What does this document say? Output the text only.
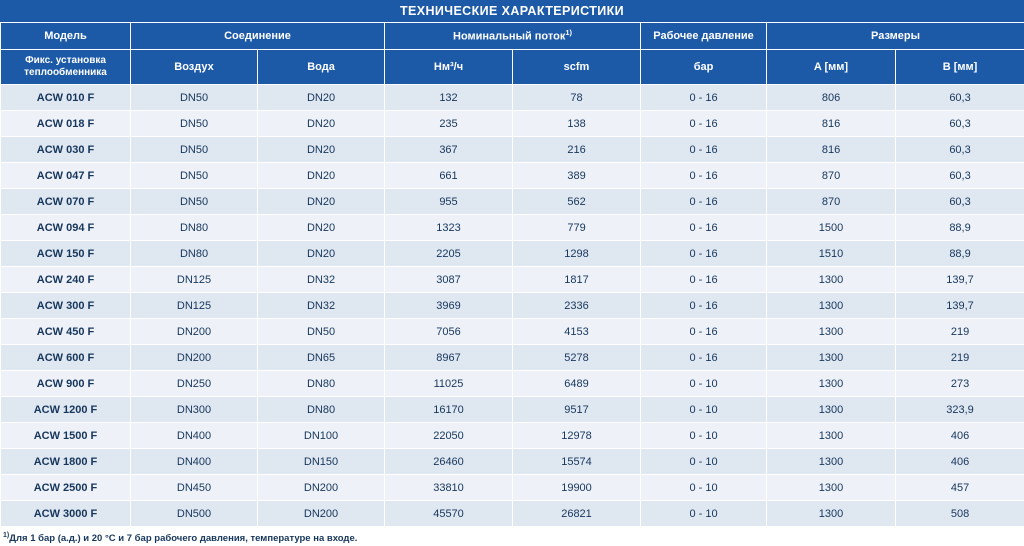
ТЕХНИЧЕСКИЕ ХАРАКТЕРИСТИКИ
Модель	Соединение		Номинальный поток$^{1)}$		Рабочее давление	Размеры	
Фикс. установка теплообменника	Воздух	Вода	Нм³/ч	scfm	бар	A [мм]	B [мм]
ACW 010 F	DN50	DN20	132	78	0 - 16	806	60,3
ACW 018 F	DN50	DN20	235	138	0 - 16	816	60,3
ACW 030 F	DN50	DN20	367	216	0 - 16	816	60,3
ACW 047 F	DN50	DN20	661	389	0 - 16	870	60,3
ACW 070 F	DN50	DN20	955	562	0 - 16	870	60,3
ACW 094 F	DN80	DN20	1323	779	0 - 16	1500	88,9
ACW 150 F	DN80	DN20	2205	1298	0 - 16	1510	88,9
ACW 240 F	DN125	DN32	3087	1817	0 - 16	1300	139,7
ACW 300 F	DN125	DN32	3969	2336	0 - 16	1300	139,7
ACW 450 F	DN200	DN50	7056	4153	0 - 16	1300	219
ACW 600 F	DN200	DN65	8967	5278	0 - 16	1300	219
ACW 900 F	DN250	DN80	11025	6489	0 - 10	1300	273
ACW 1200 F	DN300	DN80	16170	9517	0 - 10	1300	323,9
ACW 1500 F	DN400	DN100	22050	12978	0 - 10	1300	406
ACW 1800 F	DN400	DN150	26460	15574	0 - 10	1300	406
ACW 2500 F	DN450	DN200	33810	19900	0 - 10	1300	457
ACW 3000 F	DN500	DN200	45570	26821	0 - 10	1300	508
$^{1)}$Для 1 бар (а.д.) и 20 °C и 7 бар рабочего давления, температуре на входе.
